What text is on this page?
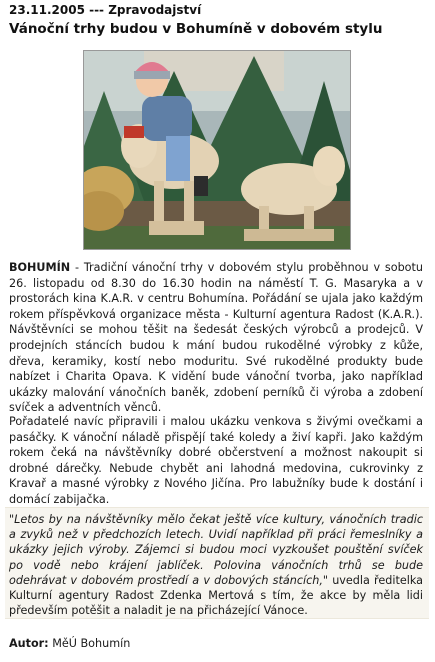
23.11.2005 --- Zpravodajství
Vánoční trhy budou v Bohumíně v dobovém stylu

BOHUMÍN - Tradiční vánoční trhy v dobovém stylu proběhnou v sobotu 26. listopadu od 8.30 do 16.30 hodin na náměstí T. G. Masaryka a v prostorách kina K.A.R. v centru Bohumína. Pořádání se ujala jako každým rokem příspěvková organizace města - Kulturní agentura Radost (K.A.R.). Návštěvníci se mohou těšit na šedesát českých výrobců a prodejců. V prodejních stáncích budou k mání budou rukodělné výrobky z kůže, dřeva, keramiky, kostí nebo moduritu. Své rukodělné produkty bude nabízet i Charita Opava. K vidění bude vánoční tvorba, jako například ukázky malování vánočních baněk, zdobení perníků či výroba a zdobení svíček a adventních věnců.

Pořadatelé navíc připravili i malou ukázku venkova s živými ovečkami a pasáčky. K vánoční náladě přispějí také koledy a živí kapři. Jako každým rokem čeká na návštěvníky dobré občerstvení a možnost nakoupit si drobné dárečky. Nebude chybět ani lahodná medovina, cukrovinky z Kravař a masné výrobky z Nového Jičína. Pro labužníky bude k dostání i domácí zabijačka.

"Letos by na návštěvníky mělo čekat ještě více kultury, vánočních tradic a zvyků než v předchozích letech. Uvidí například při práci řemeslníky a ukázky jejich výroby. Zájemci si budou moci vyzkoušet pouštění svíček po vodě nebo krájení jablíček. Polovina vánočních trhů se bude odehrávat v dobovém prostředí a v dobových stáncích," uvedla ředitelka Kulturní agentury Radost Zdenka Mertová s tím, že akce by měla lidi především potěšit a naladit je na přicházející Vánoce.

Autor: MěÚ Bohumín
